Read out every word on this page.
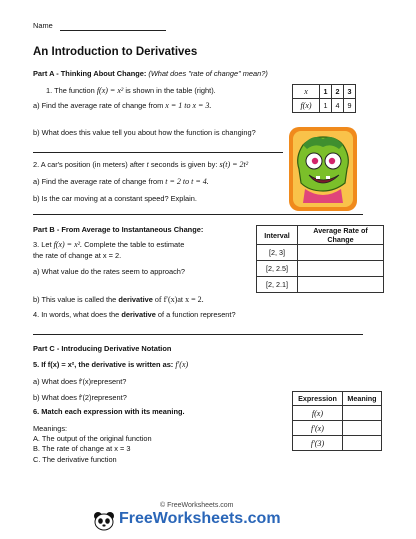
Name
An Introduction to Derivatives
Part A - Thinking About Change: (What does "rate of change" mean?)
1. The function f(x) = x² is shown in the table (right).
a) Find the average rate of change from x = 1 to x = 3.
x	1	2	3
f(x)	1	4	9
b) What does this value tell you about how the function is changing?
2. A car's position (in meters) after t seconds is given by: s(t) = 2t²
a) Find the average rate of change from t = 2 to t = 4.
b) Is the car moving at a constant speed? Explain.
Part B - From Average to Instantaneous Change:
3. Let f(x) = x². Complete the table to estimate
the rate of change at x = 2.
a) What value do the rates seem to approach?
Interval	Average Rate of Change
[2, 3]	
[2, 2.5]	
[2, 2.1]	
b) This value is called the derivative of f′(x)at x = 2.
4. In words, what does the derivative of a function represent?
Part C - Introducing Derivative Notation
5. If f(x) = x², the derivative is written as: f′(x)
a) What does f′(x)represent?
b) What does f′(2)represent?
6. Match each expression with its meaning.
Meanings:
A. The output of the original function
B. The rate of change at x = 3
C. The derivative function
Expression	Meaning
f(x)	
f′(x)	
f′(3)	
© FreeWorksheets.com
FreeWorksheets.com
